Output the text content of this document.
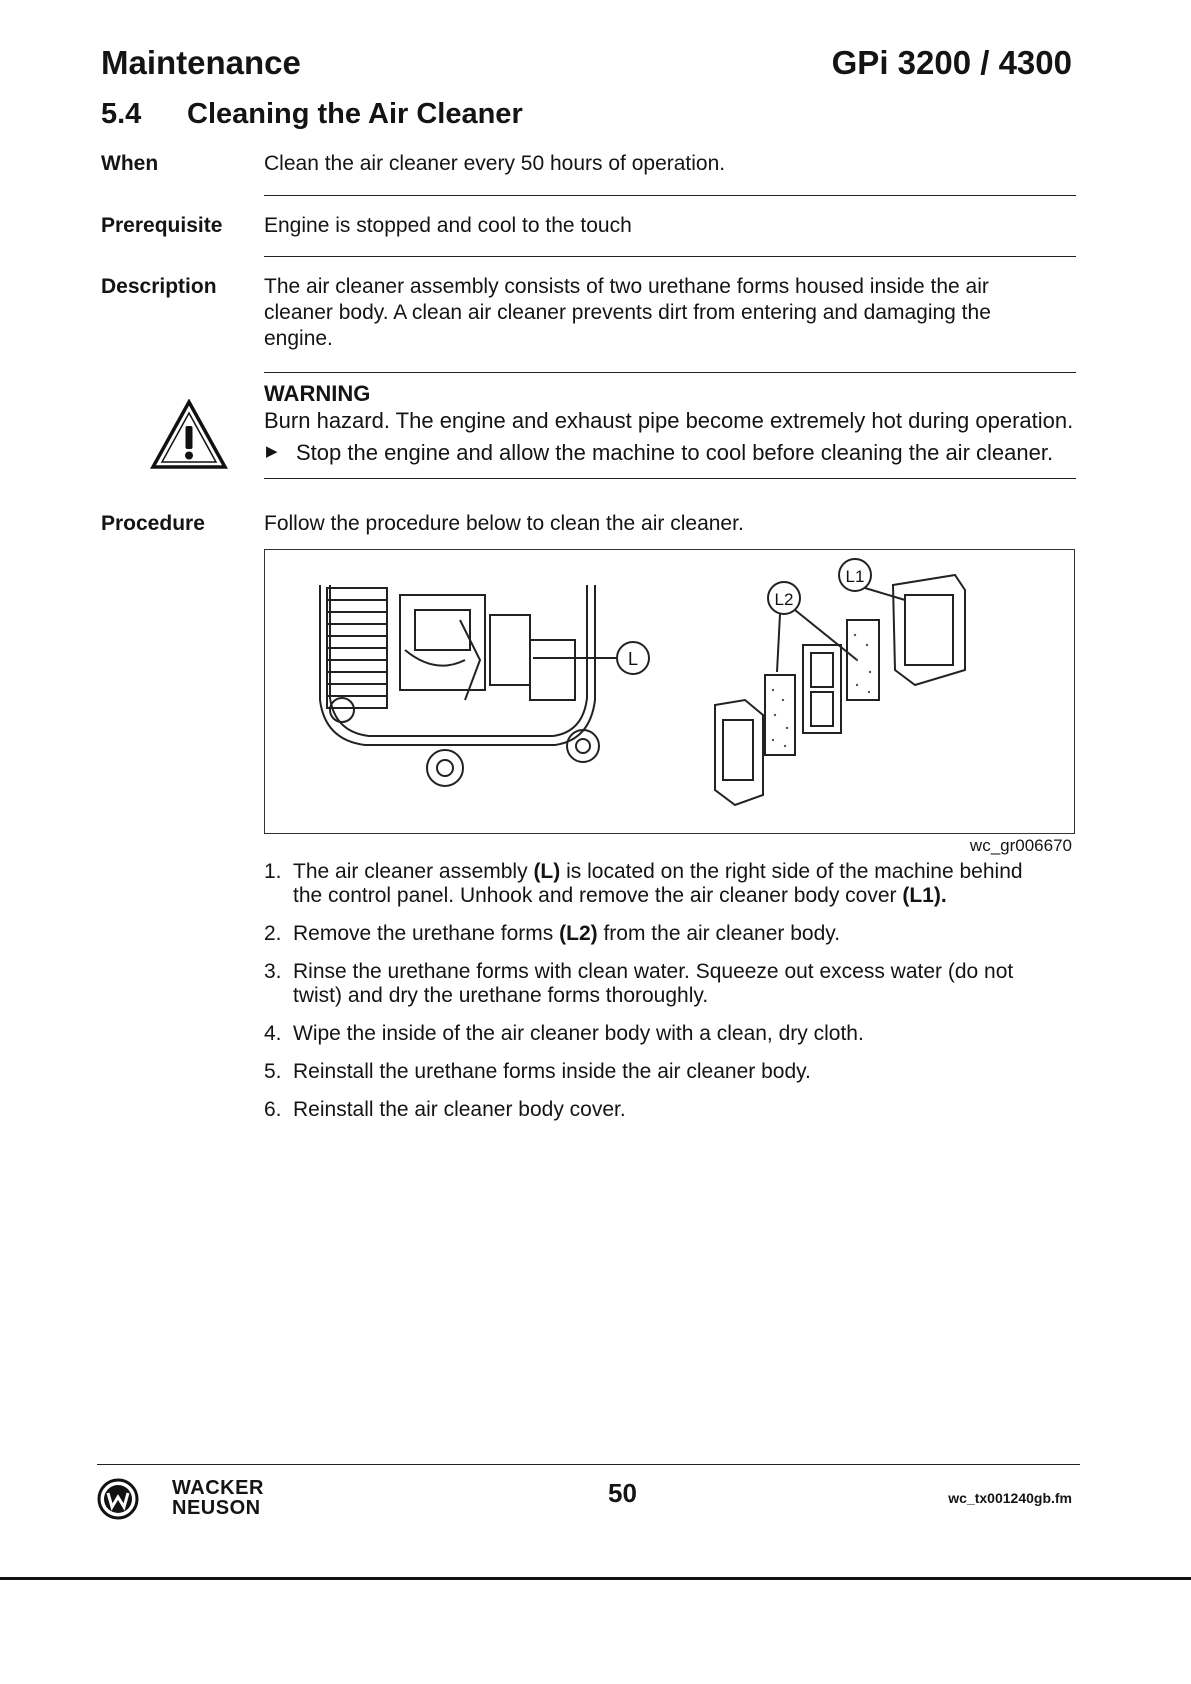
Maintenance	GPi 3200 / 4300
5.4 Cleaning the Air Cleaner
When	Clean the air cleaner every 50 hours of operation.
Prerequisite Engine is stopped and cool to the touch
Description The air cleaner assembly consists of two urethane forms housed inside the air
cleaner body. A clean air cleaner prevents dirt from entering and damaging the
engine.
WARNING
Burn hazard. The engine and exhaust pipe become extremely hot during operation.
▶ Stop the engine and allow the machine to cool before cleaning the air cleaner.
Procedure	Follow the procedure below to clean the air cleaner.
L
L1
L2
wc_gr006670
1. The air cleaner assembly (L) is located on the right side of the machine behind
the control panel. Unhook and remove the air cleaner body cover (L1).
2. Remove the urethane forms (L2) from the air cleaner body.
3. Rinse the urethane forms with clean water. Squeeze out excess water (do not
twist) and dry the urethane forms thoroughly.
4. Wipe the inside of the air cleaner body with a clean, dry cloth.
5. Reinstall the urethane forms inside the air cleaner body.
6. Reinstall the air cleaner body cover.
WACKER
NEUSON	50	wc_tx001240gb.fm
